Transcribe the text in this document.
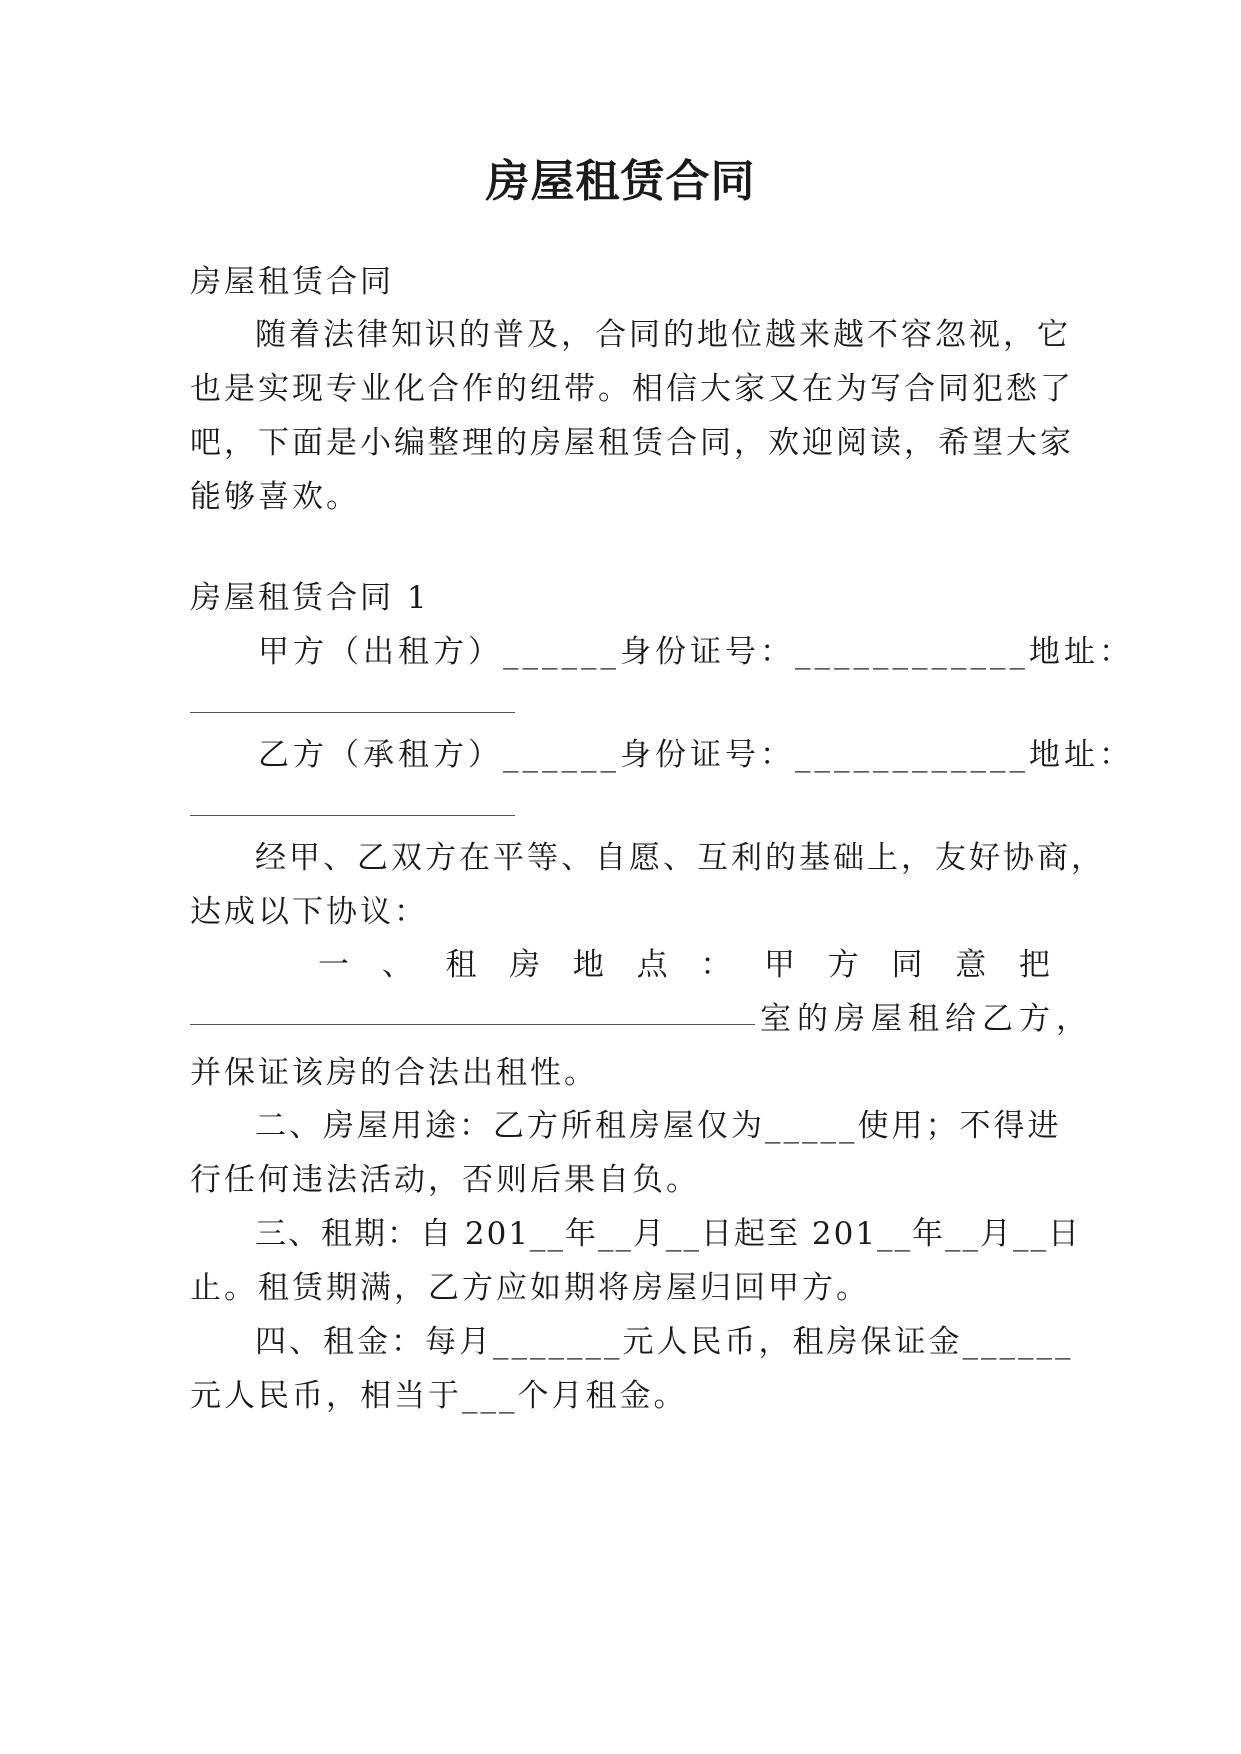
房屋租赁合同
房屋租赁合同
随着法律知识的普及，合同的地位越来越不容忽视，它
也是实现专业化合作的纽带。相信大家又在为写合同犯愁了
吧，下面是小编整理的房屋租赁合同，欢迎阅读，希望大家
能够喜欢。
房屋租赁合同 1
甲方（出租方）______身份证号：____________地址：
乙方（承租方）______身份证号：____________地址：
经甲、乙双方在平等、自愿、互利的基础上，友好协商，
达成以下协议：
一 、 租 房 地 点 ： 甲 方 同 意 把
室的房屋租给乙方，
并保证该房的合法出租性。
二、房屋用途：乙方所租房屋仅为_____使用；不得进
行任何违法活动，否则后果自负。
三、租期：自 201__年__月__日起至 201__年__月__日
止。租赁期满，乙方应如期将房屋归回甲方。
四、租金：每月_______元人民币，租房保证金______
元人民币，相当于___个月租金。
